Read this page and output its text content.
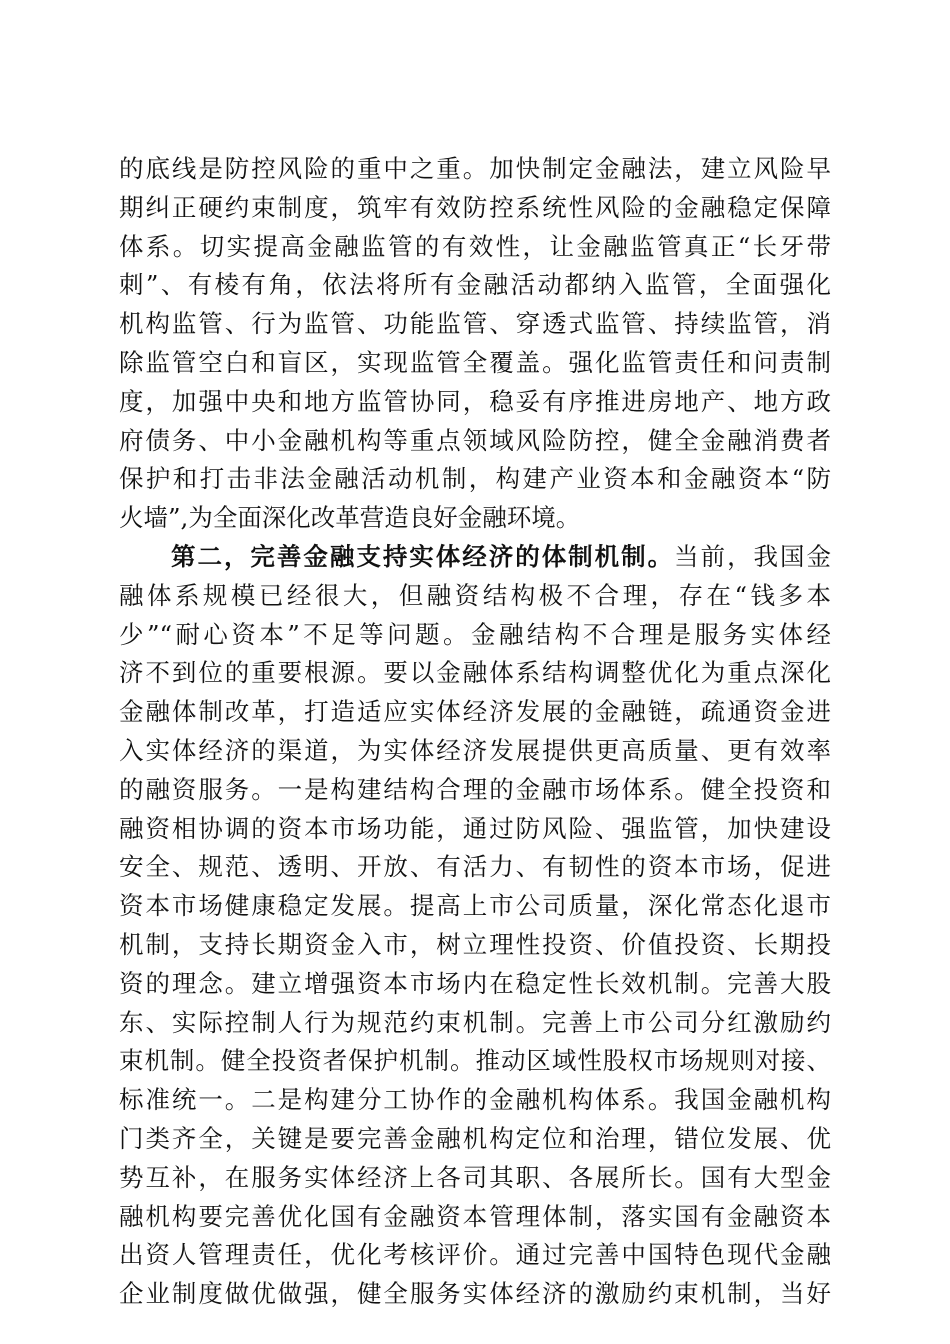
的底线是防控风险的重中之重。加快制定金融法，建立风险早
期纠正硬约束制度，筑牢有效防控系统性风险的金融稳定保障
体系。切实提高金融监管的有效性，让金融监管真正“长牙带
刺”、有棱有角，依法将所有金融活动都纳入监管，全面强化
机构监管、行为监管、功能监管、穿透式监管、持续监管，消
除监管空白和盲区，实现监管全覆盖。强化监管责任和问责制
度，加强中央和地方监管协同，稳妥有序推进房地产、地方政
府债务、中小金融机构等重点领域风险防控，健全金融消费者
保护和打击非法金融活动机制，构建产业资本和金融资本“防
火墙”,为全面深化改革营造良好金融环境。
第二，完善金融支持实体经济的体制机制。当前，我国金
融体系规模已经很大，但融资结构极不合理，存在“钱多本
少”“耐心资本”不足等问题。金融结构不合理是服务实体经
济不到位的重要根源。要以金融体系结构调整优化为重点深化
金融体制改革，打造适应实体经济发展的金融链，疏通资金进
入实体经济的渠道，为实体经济发展提供更高质量、更有效率
的融资服务。一是构建结构合理的金融市场体系。健全投资和
融资相协调的资本市场功能，通过防风险、强监管，加快建设
安全、规范、透明、开放、有活力、有韧性的资本市场，促进
资本市场健康稳定发展。提高上市公司质量，深化常态化退市
机制，支持长期资金入市，树立理性投资、价值投资、长期投
资的理念。建立增强资本市场内在稳定性长效机制。完善大股
东、实际控制人行为规范约束机制。完善上市公司分红激励约
束机制。健全投资者保护机制。推动区域性股权市场规则对接、
标准统一。二是构建分工协作的金融机构体系。我国金融机构
门类齐全，关键是要完善金融机构定位和治理，错位发展、优
势互补，在服务实体经济上各司其职、各展所长。国有大型金
融机构要完善优化国有金融资本管理体制，落实国有金融资本
出资人管理责任，优化考核评价。通过完善中国特色现代金融
企业制度做优做强，健全服务实体经济的激励约束机制，当好
